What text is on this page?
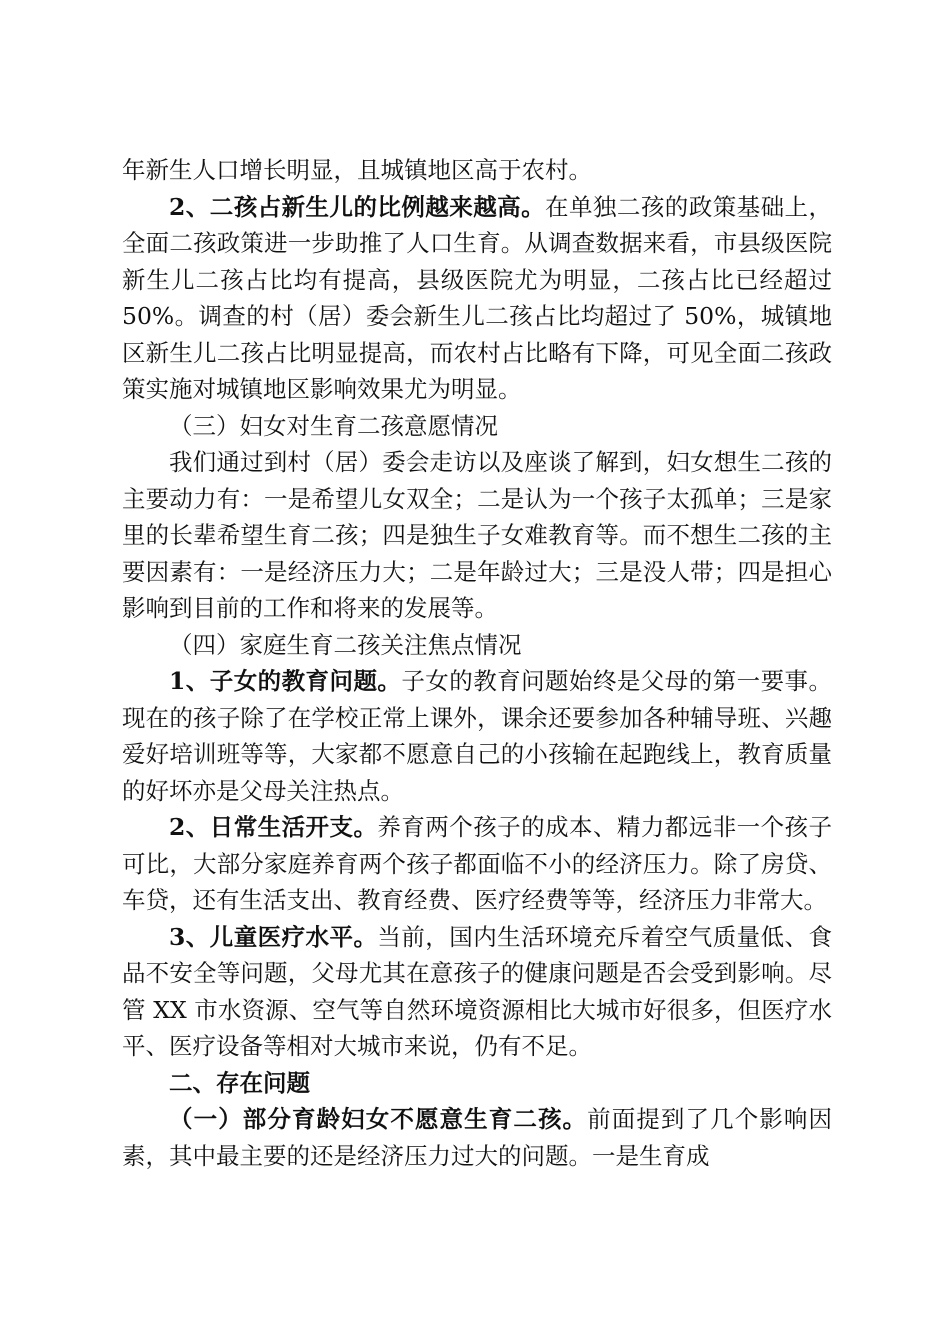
年新生人口增长明显，且城镇地区高于农村。

2、二孩占新生儿的比例越来越高。在单独二孩的政策基础上，全面二孩政策进一步助推了人口生育。从调查数据来看，市县级医院新生儿二孩占比均有提高，县级医院尤为明显，二孩占比已经超过 50%。调查的村（居）委会新生儿二孩占比均超过了 50%，城镇地区新生儿二孩占比明显提高，而农村占比略有下降，可见全面二孩政策实施对城镇地区影响效果尤为明显。

（三）妇女对生育二孩意愿情况

我们通过到村（居）委会走访以及座谈了解到，妇女想生二孩的主要动力有：一是希望儿女双全；二是认为一个孩子太孤单；三是家里的长辈希望生育二孩；四是独生子女难教育等。而不想生二孩的主要因素有：一是经济压力大；二是年龄过大；三是没人带；四是担心影响到目前的工作和将来的发展等。

（四）家庭生育二孩关注焦点情况

1、子女的教育问题。子女的教育问题始终是父母的第一要事。现在的孩子除了在学校正常上课外，课余还要参加各种辅导班、兴趣爱好培训班等等，大家都不愿意自己的小孩输在起跑线上，教育质量的好坏亦是父母关注热点。

2、日常生活开支。养育两个孩子的成本、精力都远非一个孩子可比，大部分家庭养育两个孩子都面临不小的经济压力。除了房贷、车贷，还有生活支出、教育经费、医疗经费等等，经济压力非常大。

3、儿童医疗水平。当前，国内生活环境充斥着空气质量低、食品不安全等问题，父母尤其在意孩子的健康问题是否会受到影响。尽管 XX 市水资源、空气等自然环境资源相比大城市好很多，但医疗水平、医疗设备等相对大城市来说，仍有不足。

二、存在问题

（一）部分育龄妇女不愿意生育二孩。前面提到了几个影响因素，其中最主要的还是经济压力过大的问题。一是生育成
